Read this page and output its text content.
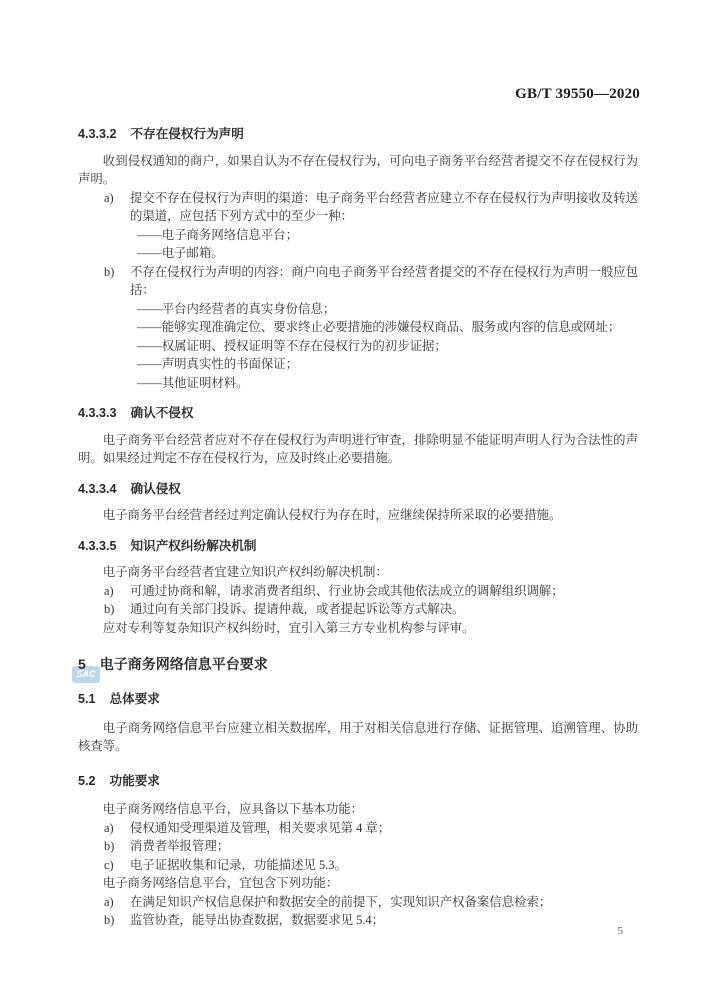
GB/T 39550—2020
SAC
4.3.3.2 不存在侵权行为声明

收到侵权通知的商户，如果自认为不存在侵权行为，可向电子商务平台经营者提交不存在侵权行为声明。

a) 提交不存在侵权行为声明的渠道：电子商务平台经营者应建立不存在侵权行为声明接收及转送的渠道，应包括下列方式中的至少一种：
——电子商务网络信息平台；
——电子邮箱。
b) 不存在侵权行为声明的内容：商户向电子商务平台经营者提交的不存在侵权行为声明一般应包括：
——平台内经营者的真实身份信息；
——能够实现准确定位、要求终止必要措施的涉嫌侵权商品、服务或内容的信息或网址；
——权属证明、授权证明等不存在侵权行为的初步证据；
——声明真实性的书面保证；
——其他证明材料。
4.3.3.3 确认不侵权

电子商务平台经营者应对不存在侵权行为声明进行审查，排除明显不能证明声明人行为合法性的声明。如果经过判定不存在侵权行为，应及时终止必要措施。

4.3.3.4 确认侵权

电子商务平台经营者经过判定确认侵权行为存在时，应继续保持所采取的必要措施。

4.3.3.5 知识产权纠纷解决机制

电子商务平台经营者宜建立知识产权纠纷解决机制：

a) 可通过协商和解，请求消费者组织、行业协会或其他依法成立的调解组织调解；
b) 通过向有关部门投诉、提请仲裁，或者提起诉讼等方式解决。

应对专利等复杂知识产权纠纷时，宜引入第三方专业机构参与评审。

5 电子商务网络信息平台要求
5.1 总体要求

电子商务网络信息平台应建立相关数据库，用于对相关信息进行存储、证据管理、追溯管理、协助核查等。

5.2 功能要求

电子商务网络信息平台，应具备以下基本功能：

a) 侵权通知受理渠道及管理，相关要求见第 4 章；
b) 消费者举报管理；
c) 电子证据收集和记录，功能描述见 5.3。

电子商务网络信息平台，宜包含下列功能：

a) 在满足知识产权信息保护和数据安全的前提下，实现知识产权备案信息检索；
b) 监管协查，能导出协查数据，数据要求见 5.4；
5
